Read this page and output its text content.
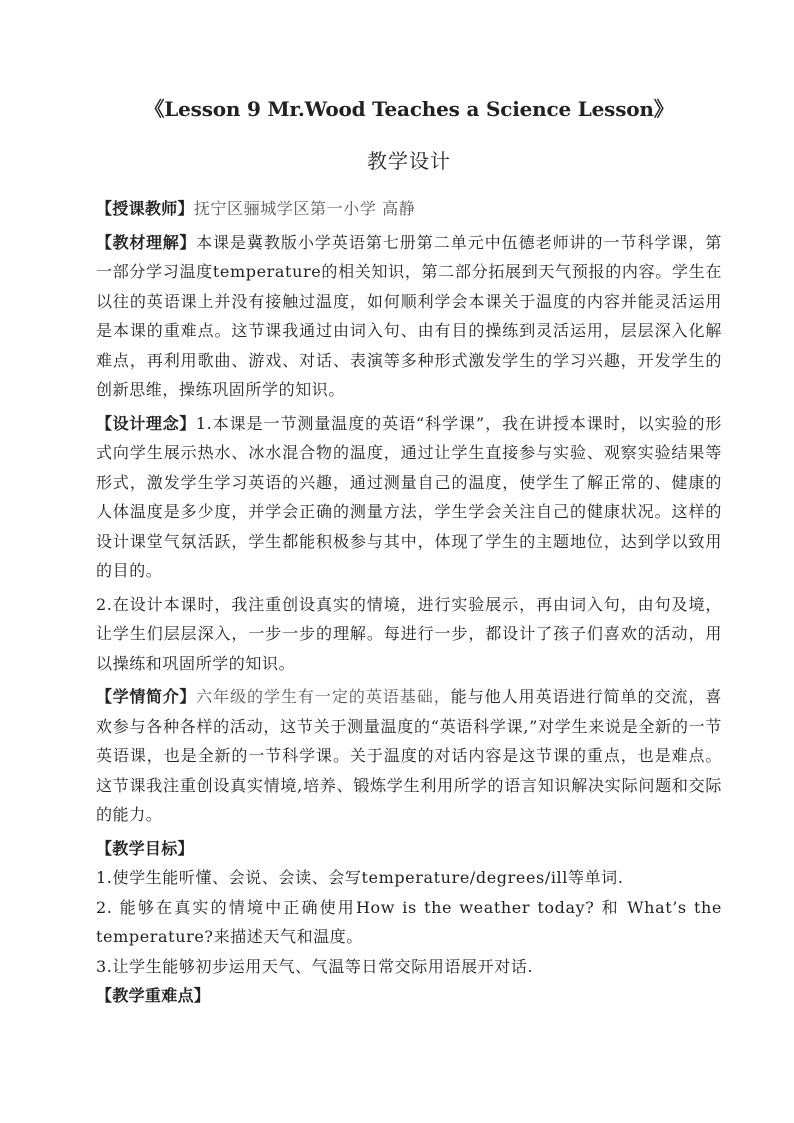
《Lesson 9 Mr.Wood Teaches a Science Lesson》
教学设计

【授课教师】抚宁区骊城学区第一小学 高静

【教材理解】本课是冀教版小学英语第七册第二单元中伍德老师讲的一节科学课，第一部分学习温度temperature的相关知识，第二部分拓展到天气预报的内容。学生在以往的英语课上并没有接触过温度，如何顺利学会本课关于温度的内容并能灵活运用是本课的重难点。这节课我通过由词入句、由有目的操练到灵活运用，层层深入化解难点，再利用歌曲、游戏、对话、表演等多种形式激发学生的学习兴趣，开发学生的创新思维，操练巩固所学的知识。

【设计理念】1.本课是一节测量温度的英语“科学课”，我在讲授本课时，以实验的形式向学生展示热水、冰水混合物的温度，通过让学生直接参与实验、观察实验结果等形式，激发学生学习英语的兴趣，通过测量自己的温度，使学生了解正常的、健康的人体温度是多少度，并学会正确的测量方法，学生学会关注自己的健康状况。这样的设计课堂气氛活跃，学生都能积极参与其中，体现了学生的主题地位，达到学以致用的目的。

2.在设计本课时，我注重创设真实的情境，进行实验展示，再由词入句，由句及境，让学生们层层深入，一步一步的理解。每进行一步，都设计了孩子们喜欢的活动，用以操练和巩固所学的知识。

【学情简介】六年级的学生有一定的英语基础，能与他人用英语进行简单的交流，喜欢参与各种各样的活动，这节关于测量温度的“英语科学课,”对学生来说是全新的一节英语课，也是全新的一节科学课。关于温度的对话内容是这节课的重点，也是难点。这节课我注重创设真实情境,培养、锻炼学生利用所学的语言知识解决实际问题和交际的能力。

【教学目标】

1.使学生能听懂、会说、会读、会写temperature/degrees/ill等单词.

2. 能够在真实的情境中正确使用How is the weather today? 和 What’s the temperature?来描述天气和温度。

3.让学生能够初步运用天气、气温等日常交际用语展开对话.

【教学重难点】
